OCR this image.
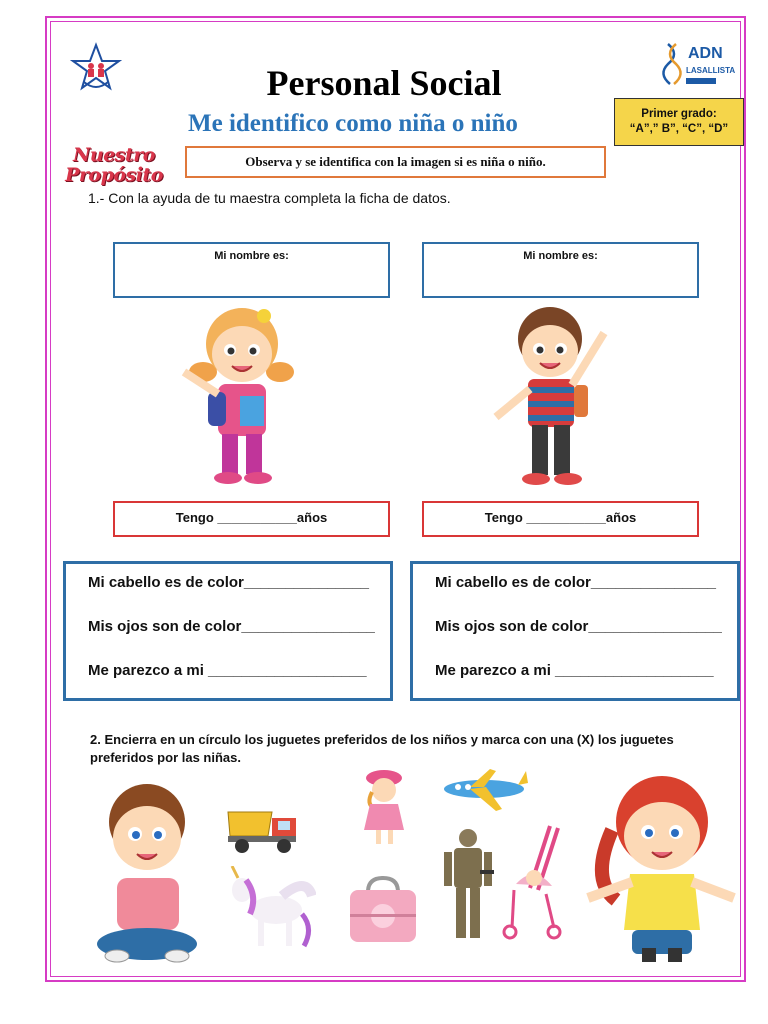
ADN
LASALLISTA
Personal Social
Me identifico como niña o niño	Primer grado:
“A”,” B”, “C”, “D”
Nuestro
Propósito
Observa y se identifica con la imagen si es niña o niño.
1.- Con la ayuda de tu maestra completa la ficha de datos.
Mi nombre es:	Mi nombre es:
Tengo ___________años	Tengo ___________años
Mi cabello es de color_______________
Mis ojos son de color________________
Me parezco a mi ___________________
Mi cabello es de color_______________
Mis ojos son de color________________
Me parezco a mi ___________________
2. Encierra en un círculo los juguetes preferidos de los niños y marca con una (X) los juguetes preferidos por las niñas.
